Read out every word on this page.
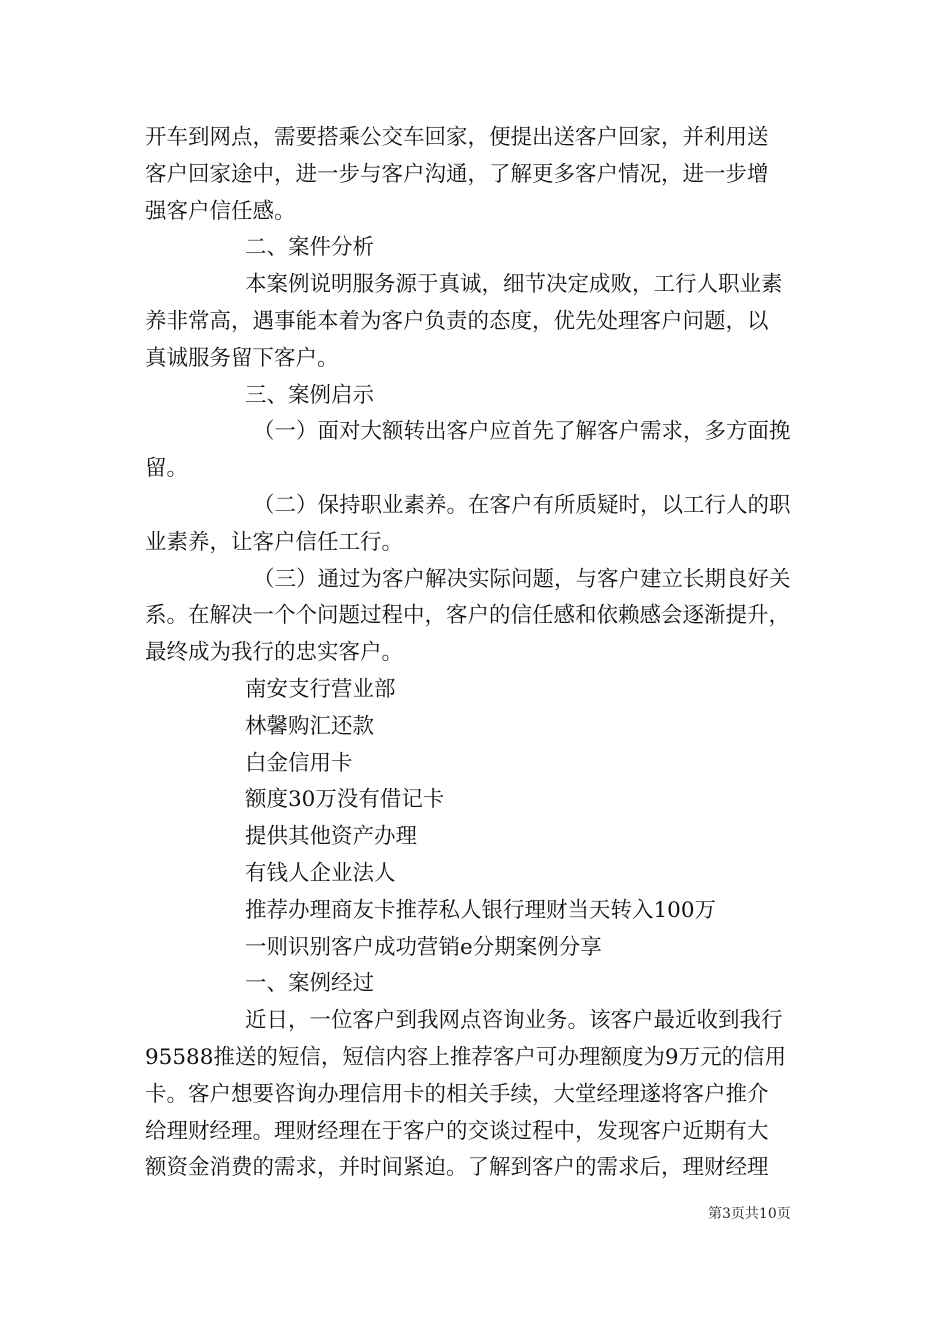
开车到网点，需要搭乘公交车回家，便提出送客户回家，并利用送
客户回家途中，进一步与客户沟通，了解更多客户情况，进一步增
强客户信任感。
二、案件分析
本案例说明服务源于真诚，细节决定成败，工行人职业素
养非常高，遇事能本着为客户负责的态度，优先处理客户问题，以
真诚服务留下客户。
三、案例启示
（一）面对大额转出客户应首先了解客户需求，多方面挽
留。
（二）保持职业素养。在客户有所质疑时，以工行人的职
业素养，让客户信任工行。
（三）通过为客户解决实际问题，与客户建立长期良好关
系。在解决一个个问题过程中，客户的信任感和依赖感会逐渐提升，
最终成为我行的忠实客户。
南安支行营业部
林馨购汇还款
白金信用卡
额度30万没有借记卡
提供其他资产办理
有钱人企业法人
推荐办理商友卡推荐私人银行理财当天转入100万
一则识别客户成功营销e分期案例分享
一、案例经过
近日，一位客户到我网点咨询业务。该客户最近收到我行
95588推送的短信，短信内容上推荐客户可办理额度为9万元的信用
卡。客户想要咨询办理信用卡的相关手续，大堂经理遂将客户推介
给理财经理。理财经理在于客户的交谈过程中，发现客户近期有大
额资金消费的需求，并时间紧迫。了解到客户的需求后，理财经理
第3页共10页
